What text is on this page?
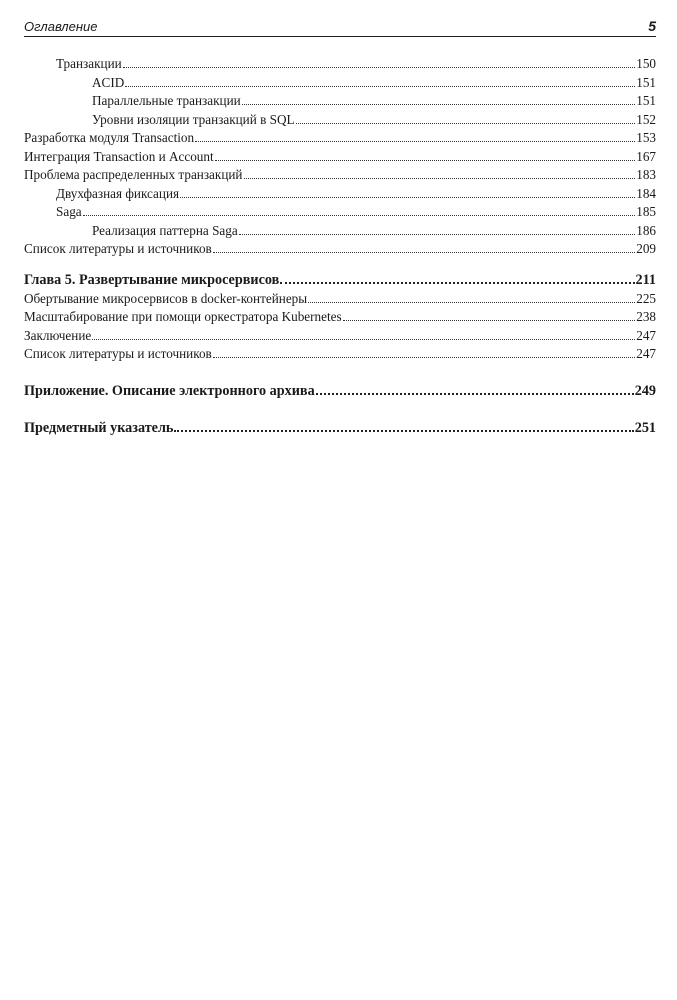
Оглавление	5
Транзакции	150
ACID	151
Параллельные транзакции	151
Уровни изоляции транзакций в SQL	152
Разработка модуля Transaction	153
Интеграция Transaction и Account	167
Проблема распределенных транзакций	183
Двухфазная фиксация	184
Saga	185
Реализация паттерна Saga	186
Список литературы и источников	209
Глава 5. Развертывание микросервисов	211
Обертывание микросервисов в docker-контейнеры	225
Масштабирование при помощи оркестратора Kubernetes	238
Заключение	247
Список литературы и источников	247
Приложение. Описание электронного архива	249
Предметный указатель	251
